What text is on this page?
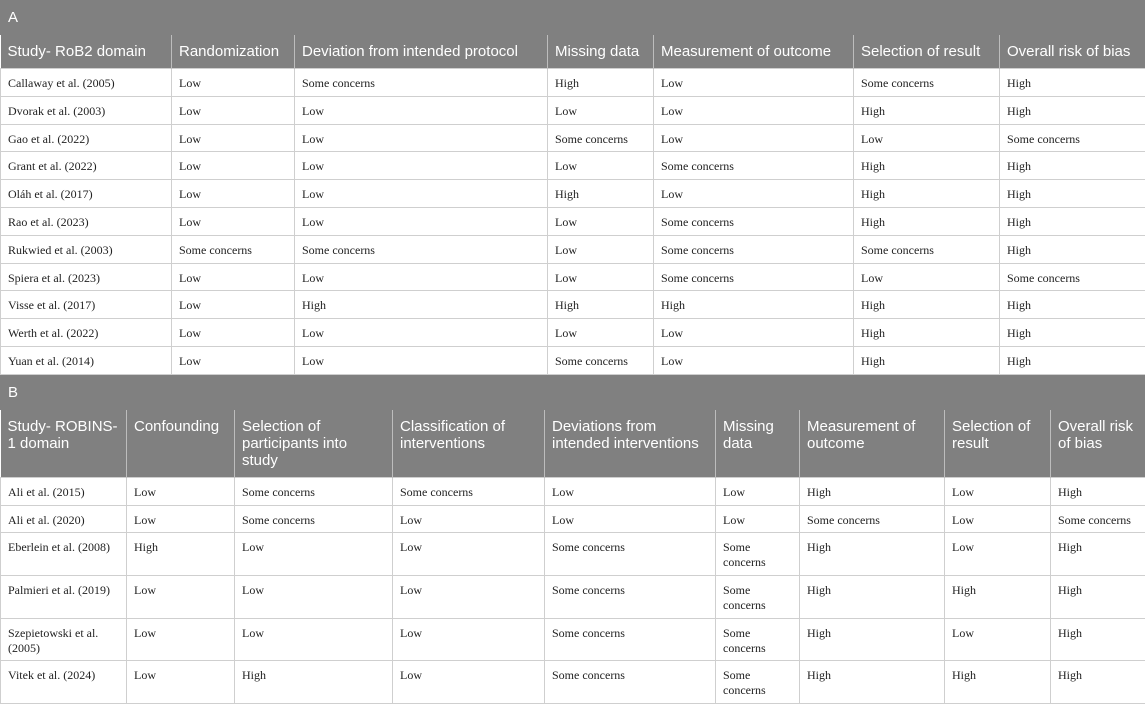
A						
Study- RoB2 domain	Randomization	Deviation from intended protocol	Missing data	Measurement of outcome	Selection of result	Overall risk of bias
Callaway et al. (2005)	Low	Some concerns	High	Low	Some concerns	High
Dvorak et al. (2003)	Low	Low	Low	Low	High	High
Gao et al. (2022)	Low	Low	Some concerns	Low	Low	Some concerns
Grant et al. (2022)	Low	Low	Low	Some concerns	High	High
Oláh et al. (2017)	Low	Low	High	Low	High	High
Rao et al. (2023)	Low	Low	Low	Some concerns	High	High
Rukwied et al. (2003)	Some concerns	Some concerns	Low	Some concerns	Some concerns	High
Spiera et al. (2023)	Low	Low	Low	Some concerns	Low	Some concerns
Visse et al. (2017)	Low	High	High	High	High	High
Werth et al. (2022)	Low	Low	Low	Low	High	High
Yuan et al. (2014)	Low	Low	Some concerns	Low	High	High
B								
Study- ROBINS-1 domain	Confounding	Selection of participants into study	Classification of interventions	Deviations from intended interventions	Missing data	Measurement of outcome	Selection of result	Overall risk of bias
Ali et al. (2015)	Low	Some concerns	Some concerns	Low	Low	High	Low	High
Ali et al. (2020)	Low	Some concerns	Low	Low	Low	Some concerns	Low	Some concerns
Eberlein et al. (2008)	High	Low	Low	Some concerns	Some concerns	High	Low	High
Palmieri et al. (2019)	Low	Low	Low	Some concerns	Some concerns	High	High	High
Szepietowski et al. (2005)	Low	Low	Low	Some concerns	Some concerns	High	Low	High
Vitek et al. (2024)	Low	High	Low	Some concerns	Some concerns	High	High	High
